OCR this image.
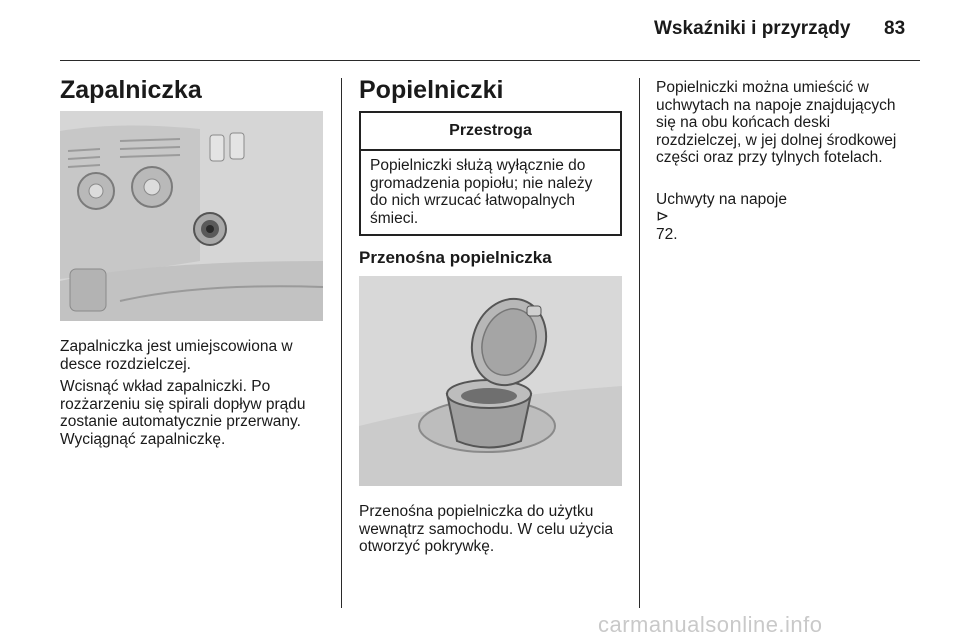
Wskaźniki i przyrządy 83
Zapalniczka

Zapalniczka jest umiejscowiona w
desce rozdzielczej.

Wcisnąć wkład zapalniczki. Po
rozżarzeniu się spirali dopływ prądu
zostanie automatycznie przerwany.
Wyciągnąć zapalniczkę.

Popielniczki
Przestroga
Popielniczki służą wyłącznie do
gromadzenia popiołu; nie należy
do nich wrzucać łatwopalnych
śmieci.
Przenośna popielniczka

Przenośna popielniczka do użytku
wewnątrz samochodu. W celu użycia
otworzyć pokrywkę.

Popielniczki można umieścić w
uchwytach na napoje znajdujących
się na obu końcach deski
rozdzielczej, w jej dolnej środkowej
części oraz przy tylnych fotelach.

Uchwyty na napoje
⊳
72.

carmanualsonline.info
